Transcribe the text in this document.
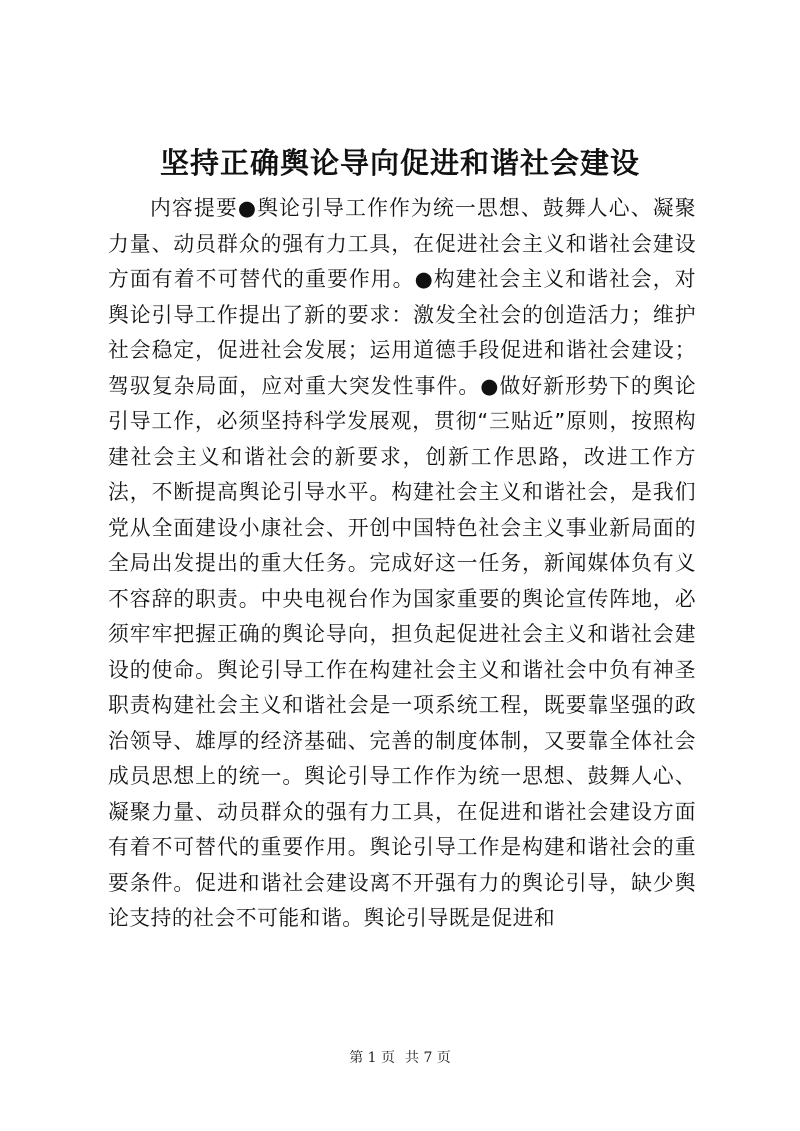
坚持正确舆论导向促进和谐社会建设

内容提要●舆论引导工作作为统一思想、鼓舞人心、凝聚力量、动员群众的强有力工具，在促进社会主义和谐社会建设方面有着不可替代的重要作用。●构建社会主义和谐社会，对舆论引导工作提出了新的要求：激发全社会的创造活力；维护社会稳定，促进社会发展；运用道德手段促进和谐社会建设；驾驭复杂局面，应对重大突发性事件。●做好新形势下的舆论引导工作，必须坚持科学发展观，贯彻“三贴近”原则，按照构建社会主义和谐社会的新要求，创新工作思路，改进工作方法，不断提高舆论引导水平。构建社会主义和谐社会，是我们党从全面建设小康社会、开创中国特色社会主义事业新局面的全局出发提出的重大任务。完成好这一任务，新闻媒体负有义不容辞的职责。中央电视台作为国家重要的舆论宣传阵地，必须牢牢把握正确的舆论导向，担负起促进社会主义和谐社会建设的使命。舆论引导工作在构建社会主义和谐社会中负有神圣职责构建社会主义和谐社会是一项系统工程，既要靠坚强的政治领导、雄厚的经济基础、完善的制度体制，又要靠全体社会成员思想上的统一。舆论引导工作作为统一思想、鼓舞人心、凝聚力量、动员群众的强有力工具，在促进和谐社会建设方面有着不可替代的重要作用。舆论引导工作是构建和谐社会的重要条件。促进和谐社会建设离不开强有力的舆论引导，缺少舆论支持的社会不可能和谐。舆论引导既是促进和

第 1 页 共 7 页
